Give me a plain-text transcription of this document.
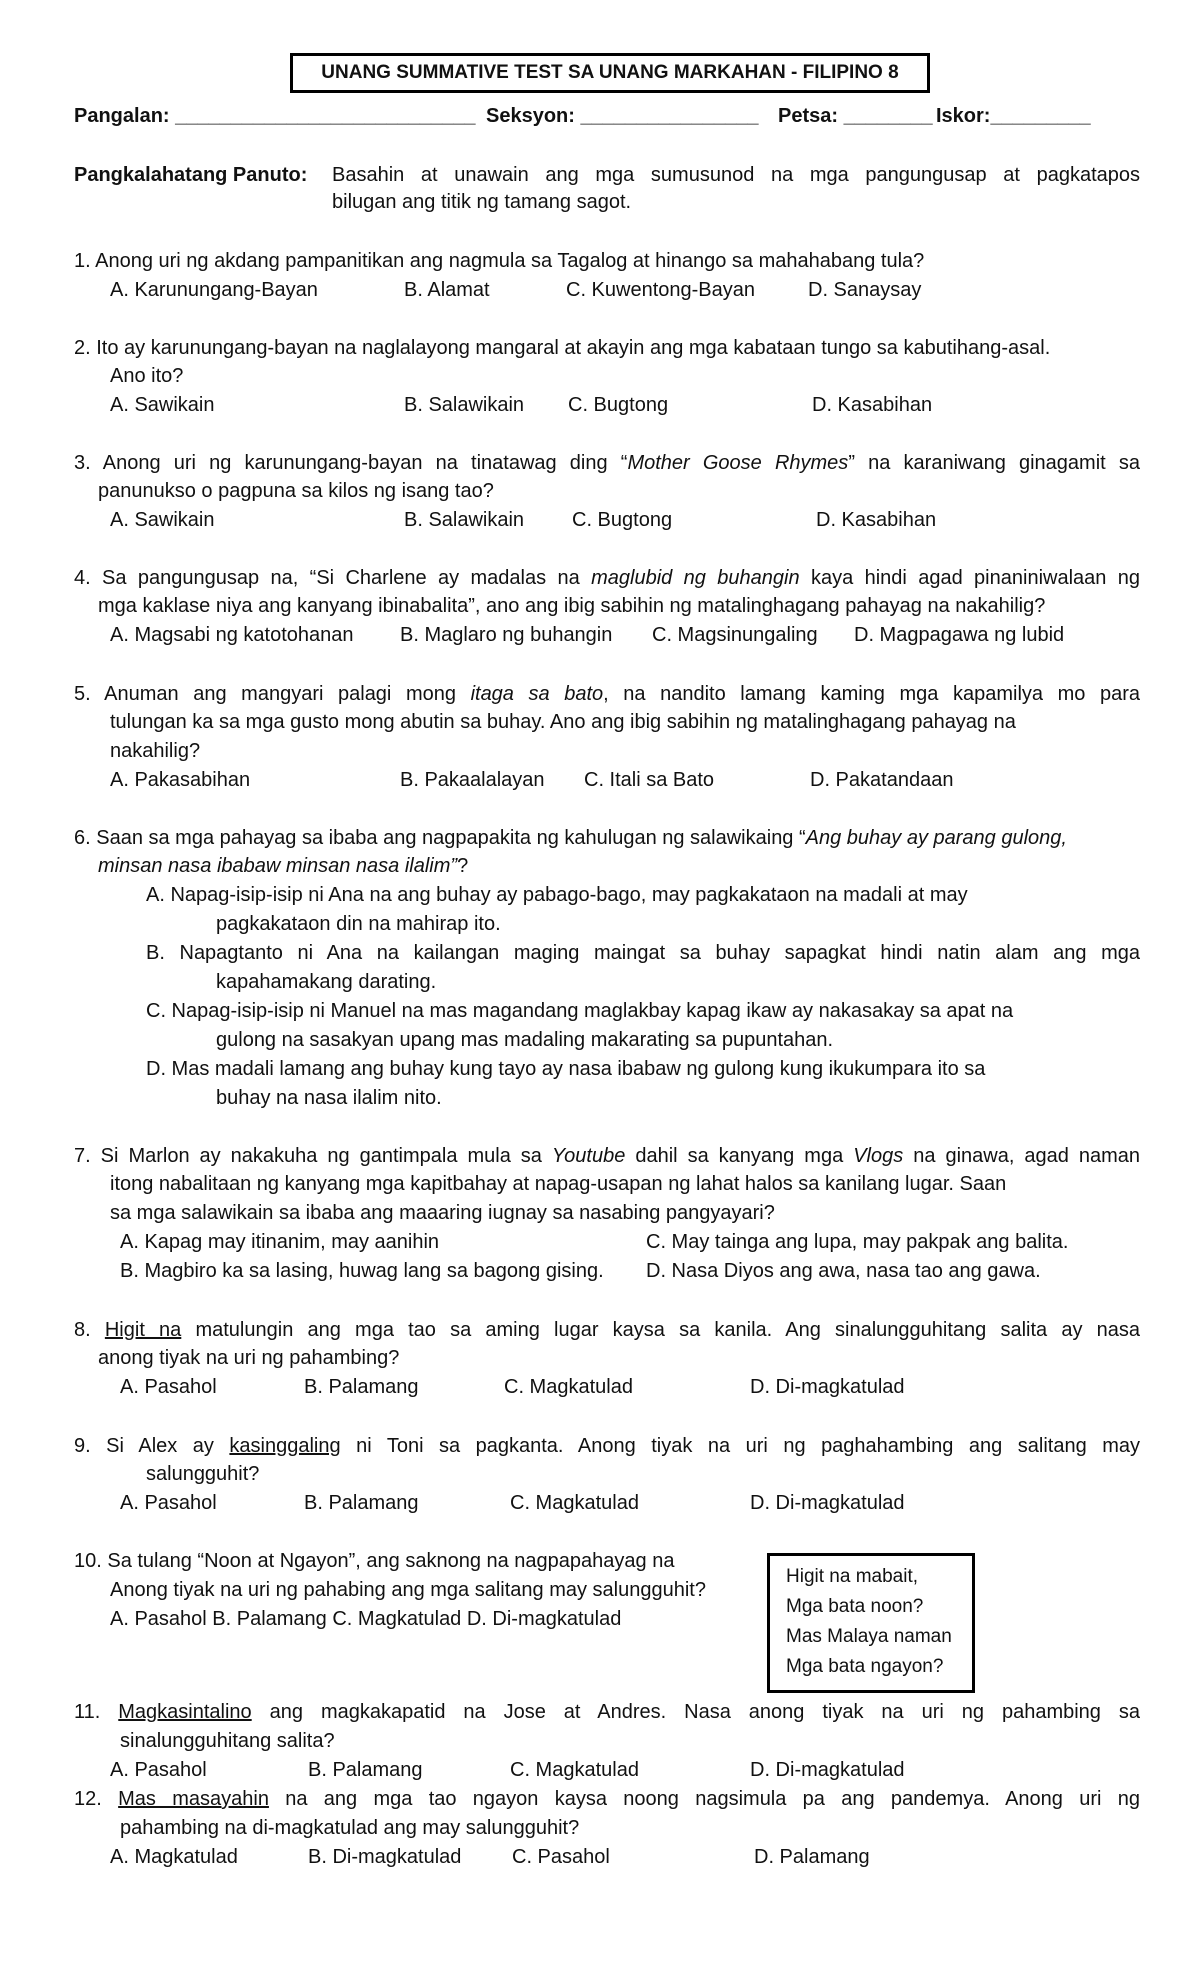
UNANG SUMMATIVE TEST SA UNANG MARKAHAN - FILIPINO 8
Pangalan: ___________________________ Seksyon: ________________ Petsa: ________ Iskor:_________
Pangkalahatang Panuto: Basahin at unawain ang mga sumusunod na mga pangungusap at pagkatapos
bilugan ang titik ng tamang sagot.
1. Anong uri ng akdang pampanitikan ang nagmula sa Tagalog at hinango sa mahahabang tula?
A. Karunungang-Bayan	B. Alamat	C. Kuwentong-Bayan	D. Sanaysay
2. Ito ay karunungang-bayan na naglalayong mangaral at akayin ang mga kabataan tungo sa kabutihang-asal.
Ano ito?
A. Sawikain	B. Salawikain C. Bugtong	D. Kasabihan
3. Anong uri ng karunungang-bayan na tinatawag ding “Mother Goose Rhymes” na karaniwang ginagamit sa
panunukso o pagpuna sa kilos ng isang tao?
A. Sawikain	B. Salawikain C. Bugtong	D. Kasabihan
4. Sa pangungusap na, “Si Charlene ay madalas na maglubid ng buhangin kaya hindi agad pinaniniwalaan ng
mga kaklase niya ang kanyang ibinabalita”, ano ang ibig sabihin ng matalinghagang pahayag na nakahilig?
A. Magsabi ng katotohanan B. Maglaro ng buhangin C. Magsinungaling D. Magpagawa ng lubid
5. Anuman ang mangyari palagi mong itaga sa bato, na nandito lamang kaming mga kapamilya mo para
tulungan ka sa mga gusto mong abutin sa buhay. Ano ang ibig sabihin ng matalinghagang pahayag na
nakahilig?
A. Pakasabihan	B. Pakaalalayan C. Itali sa Bato	D. Pakatandaan
6. Saan sa mga pahayag sa ibaba ang nagpapakita ng kahulugan ng salawikaing “Ang buhay ay parang gulong,
minsan nasa ibabaw minsan nasa ilalim”?
A. Napag-isip-isip ni Ana na ang buhay ay pabago-bago, may pagkakataon na madali at may
pagkakataon din na mahirap ito.
B. Napagtanto ni Ana na kailangan maging maingat sa buhay sapagkat hindi natin alam ang mga
kapahamakang darating.
C. Napag-isip-isip ni Manuel na mas magandang maglakbay kapag ikaw ay nakasakay sa apat na
gulong na sasakyan upang mas madaling makarating sa pupuntahan.
D. Mas madali lamang ang buhay kung tayo ay nasa ibabaw ng gulong kung ikukumpara ito sa
buhay na nasa ilalim nito.
7. Si Marlon ay nakakuha ng gantimpala mula sa Youtube dahil sa kanyang mga Vlogs na ginawa, agad naman
itong nabalitaan ng kanyang mga kapitbahay at napag-usapan ng lahat halos sa kanilang lugar. Saan
sa mga salawikain sa ibaba ang maaaring iugnay sa nasabing pangyayari?
A. Kapag may itinanim, may aanihin
B. Magbiro ka sa lasing, huwag lang sa bagong gising.
C. May tainga ang lupa, may pakpak ang balita.
D. Nasa Diyos ang awa, nasa tao ang gawa.
8. Higit na matulungin ang mga tao sa aming lugar kaysa sa kanila. Ang sinalungguhitang salita ay nasa
anong tiyak na uri ng pahambing?
A. Pasahol	B. Palamang	C. Magkatulad	D. Di-magkatulad
9. Si Alex ay kasinggaling ni Toni sa pagkanta. Anong tiyak na uri ng paghahambing ang salitang may
salungguhit?
A. Pasahol	B. Palamang	C. Magkatulad	D. Di-magkatulad
10. Sa tulang “Noon at Ngayon”, ang saknong na nagpapahayag na
Anong tiyak na uri ng pahabing ang mga salitang may salungguhit?
A. Pasahol B. Palamang C. Magkatulad D. Di-magkatulad
Higit na mabait,
Mga bata noon?
Mas Malaya naman
Mga bata ngayon?
11. Magkasintalino ang magkakapatid na Jose at Andres. Nasa anong tiyak na uri ng pahambing sa
sinalungguhitang salita?
A. Pasahol	B. Palamang	C. Magkatulad	D. Di-magkatulad
12. Mas masayahin na ang mga tao ngayon kaysa noong nagsimula pa ang pandemya. Anong uri ng
pahambing na di-magkatulad ang may salungguhit?
A. Magkatulad	B. Di-magkatulad	C. Pasahol	D. Palamang
